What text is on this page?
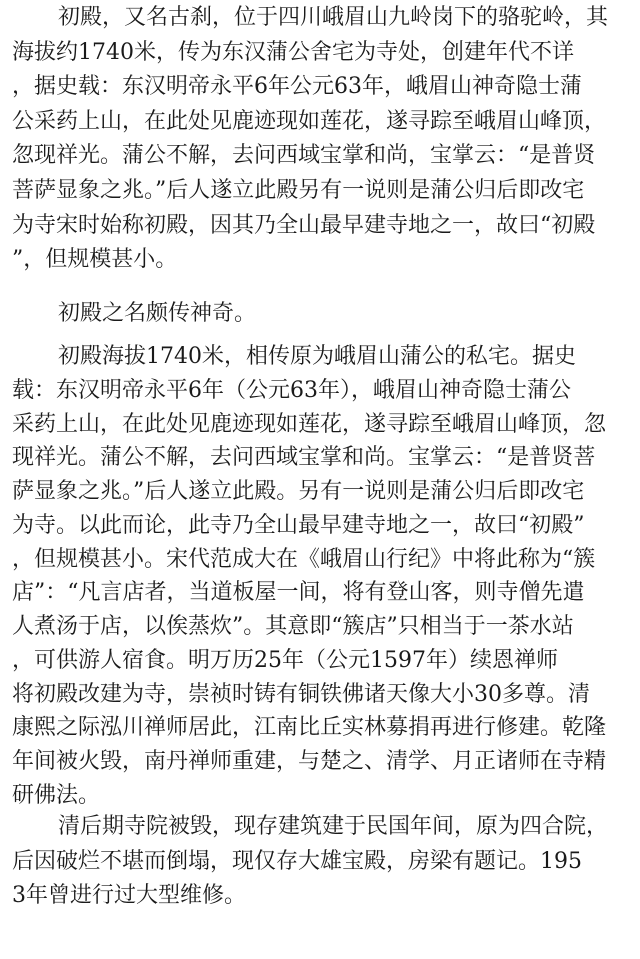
初殿，又名古刹，位于四川峨眉山九岭岗下的骆驼岭，其
海拔约1740米，传为东汉蒲公舍宅为寺处，创建年代不详
，据史载：东汉明帝永平6年公元63年，峨眉山神奇隐士蒲
公采药上山，在此处见鹿迹现如莲花，遂寻踪至峨眉山峰顶，
忽现祥光。蒲公不解，去问西域宝掌和尚，宝掌云：“是普贤
菩萨显象之兆。”后人遂立此殿另有一说则是蒲公归后即改宅
为寺宋时始称初殿，因其乃全山最早建寺地之一，故曰“初殿
”，但规模甚小。
初殿之名颇传神奇。
初殿海拔1740米，相传原为峨眉山蒲公的私宅。据史
载：东汉明帝永平6年（公元63年），峨眉山神奇隐士蒲公
采药上山，在此处见鹿迹现如莲花，遂寻踪至峨眉山峰顶，忽
现祥光。蒲公不解，去问西域宝掌和尚。宝掌云：“是普贤菩
萨显象之兆。”后人遂立此殿。另有一说则是蒲公归后即改宅
为寺。以此而论，此寺乃全山最早建寺地之一，故曰“初殿”
，但规模甚小。宋代范成大在《峨眉山行纪》中将此称为“簇
店”：“凡言店者，当道板屋一间，将有登山客，则寺僧先遣
人煮汤于店，以俟蒸炊”。其意即“簇店”只相当于一茶水站
，可供游人宿食。明万历25年（公元1597年）续恩禅师
将初殿改建为寺，崇祯时铸有铜铁佛诸天像大小30多尊。清
康熙之际泓川禅师居此，江南比丘实林募捐再进行修建。乾隆
年间被火毁，南丹禅师重建，与楚之、清学、月正诸师在寺精
研佛法。
清后期寺院被毁，现存建筑建于民国年间，原为四合院，
后因破烂不堪而倒塌，现仅存大雄宝殿，房梁有题记。195
3年曾进行过大型维修。
